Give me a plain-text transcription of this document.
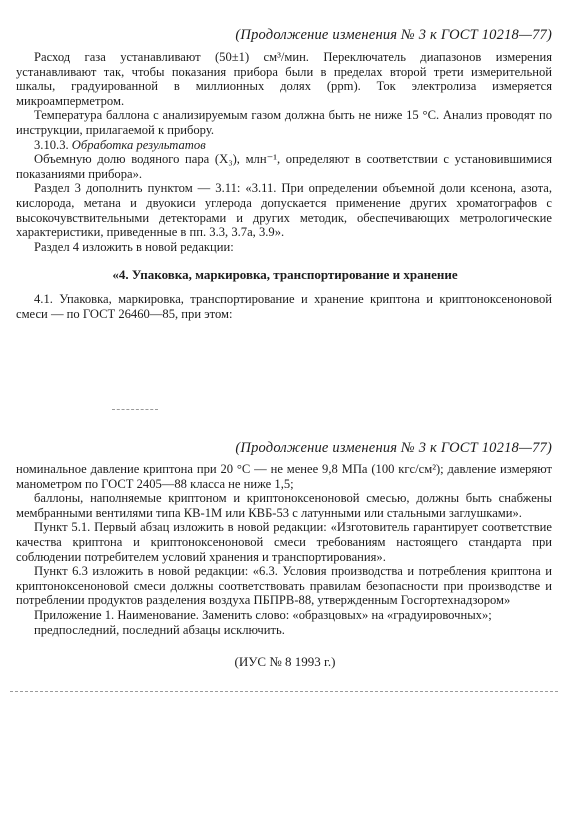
(Продолжение изменения № 3 к ГОСТ 10218—77)

Расход газа устанавливают (50±1) см³/мин. Переключатель диапазонов измерения устанавливают так, чтобы показания прибора были в пределах второй трети измерительной шкалы, градуированной в миллионных долях (ppm). Ток электролиза измеряется микроамперметром.

Температура баллона с анализируемым газом должна быть не ниже 15 °С. Анализ проводят по инструкции, прилагаемой к прибору.

3.10.3. Обработка результатов

Объемную долю водяного пара (X₃), млн⁻¹, определяют в соответствии с установившимися показаниями прибора».

Раздел 3 дополнить пунктом — 3.11: «3.11. При определении объемной доли ксенона, азота, кислорода, метана и двуокиси углерода допускается применение других хроматографов с высокочувствительными детекторами и других методик, обеспечивающих метрологические характеристики, приведенные в пп. 3.3, 3.7а, 3.9».

Раздел 4 изложить в новой редакции:

«4. Упаковка, маркировка, транспортирование и хранение

4.1. Упаковка, маркировка, транспортирование и хранение криптона и криптоноксеноновой смеси — по ГОСТ 26460—85, при этом:

(Продолжение изменения № 3 к ГОСТ 10218—77)

номинальное давление криптона при 20 °С — не менее 9,8 МПа (100 кгс/см²); давление измеряют манометром по ГОСТ 2405—88 класса не ниже 1,5;

баллоны, наполняемые криптоном и криптоноксеноновой смесью, должны быть снабжены мембранными вентилями типа КВ-1М или КВБ-53 с латунными или стальными заглушками».

Пункт 5.1. Первый абзац изложить в новой редакции: «Изготовитель гарантирует соответствие качества криптона и криптоноксеноновой смеси требованиям настоящего стандарта при соблюдении потребителем условий хранения и транспортирования».

Пункт 6.3 изложить в новой редакции: «6.3. Условия производства и потребления криптона и криптоноксеноновой смеси должны соответствовать правилам безопасности при производстве и потреблении продуктов разделения воздуха ПБПРВ-88, утвержденным Госгортехнадзором»

Приложение 1. Наименование. Заменить слово: «образцовых» на «градуировочных»;

предпоследний, последний абзацы исключить.

(ИУС № 8 1993 г.)
